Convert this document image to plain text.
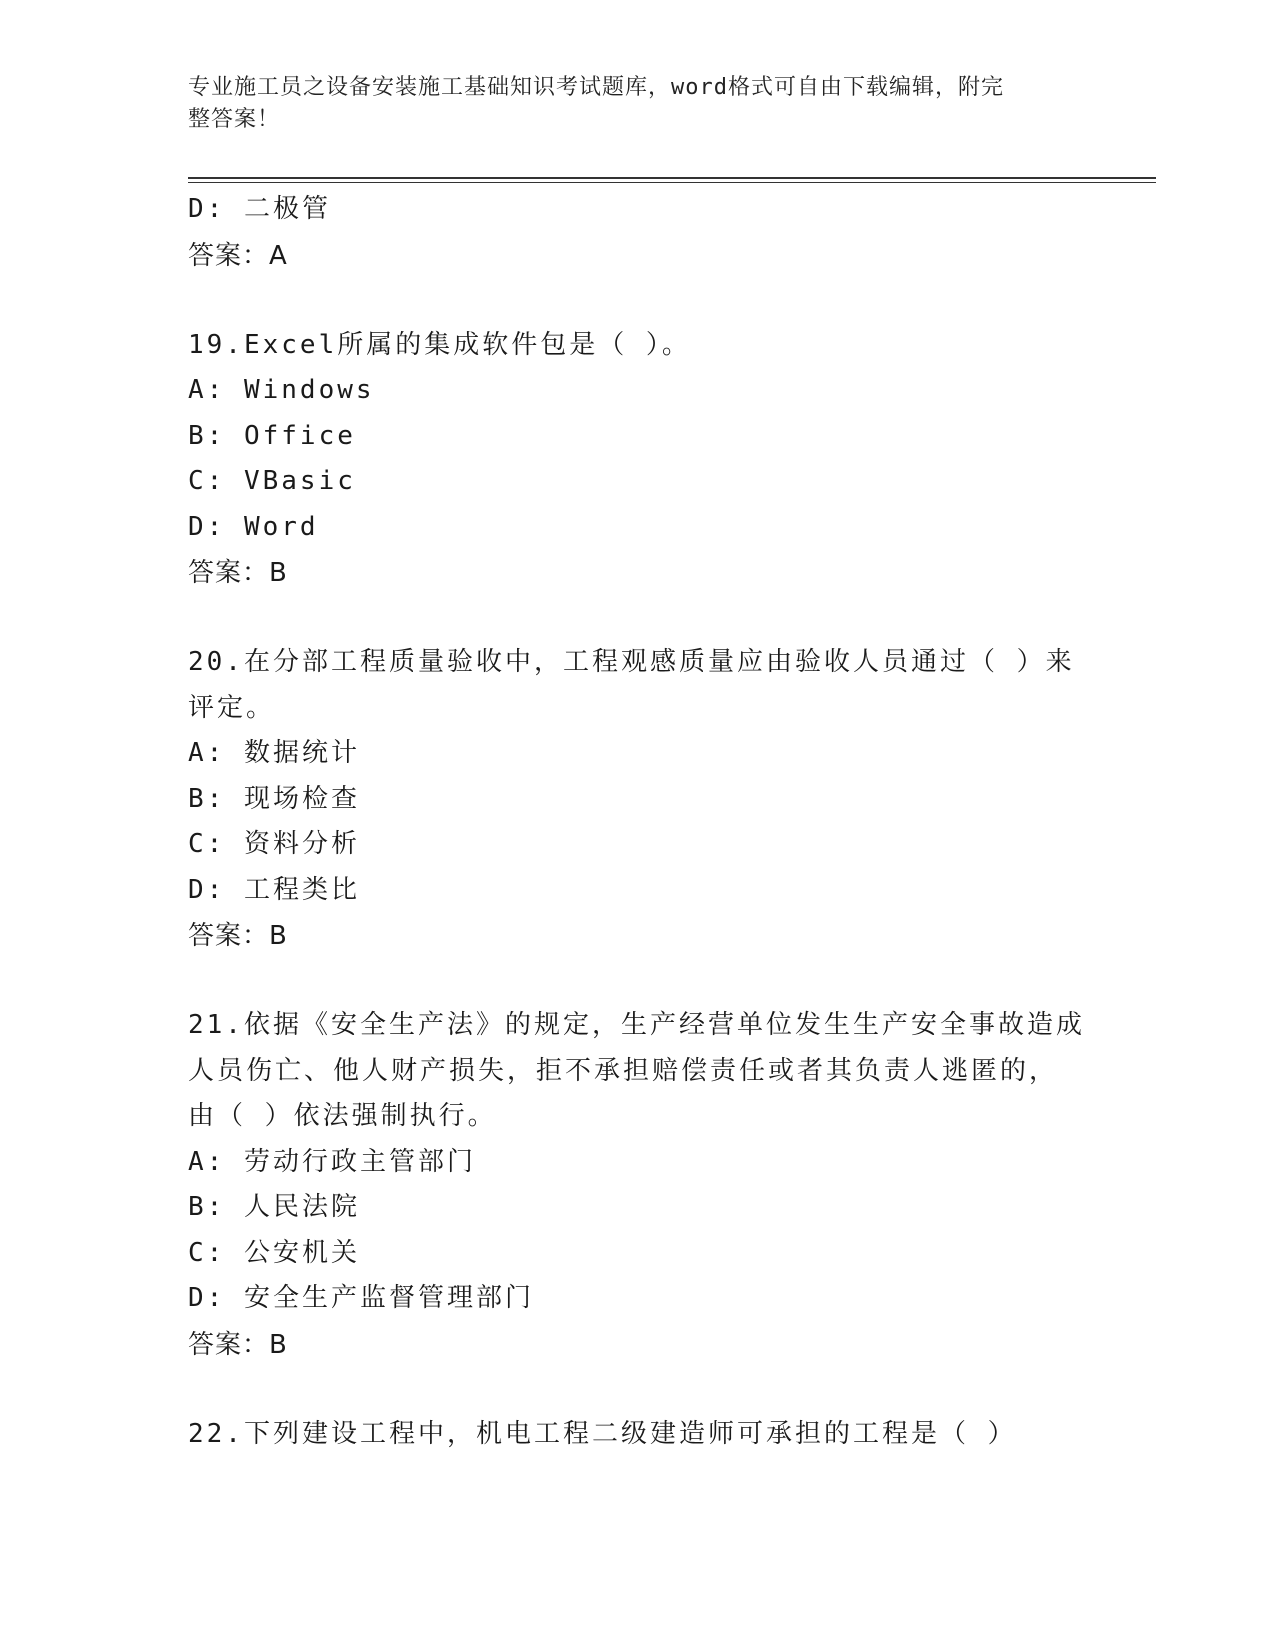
专业施工员之设备安装施工基础知识考试题库，word格式可自由下载编辑，附完
整答案！
D: 二极管
答案：A
19.Excel所属的集成软件包是（ ）。
A: Windows
B: Office
C: VBasic
D: Word
答案：B
20.在分部工程质量验收中，工程观感质量应由验收人员通过（ ）来
评定。
A: 数据统计
B: 现场检查
C: 资料分析
D: 工程类比
答案：B
21.依据《安全生产法》的规定，生产经营单位发生生产安全事故造成
人员伤亡、他人财产损失，拒不承担赔偿责任或者其负责人逃匿的，
由（ ）依法强制执行。
A: 劳动行政主管部门
B: 人民法院
C: 公安机关
D: 安全生产监督管理部门
答案：B
22.下列建设工程中，机电工程二级建造师可承担的工程是（ ）
